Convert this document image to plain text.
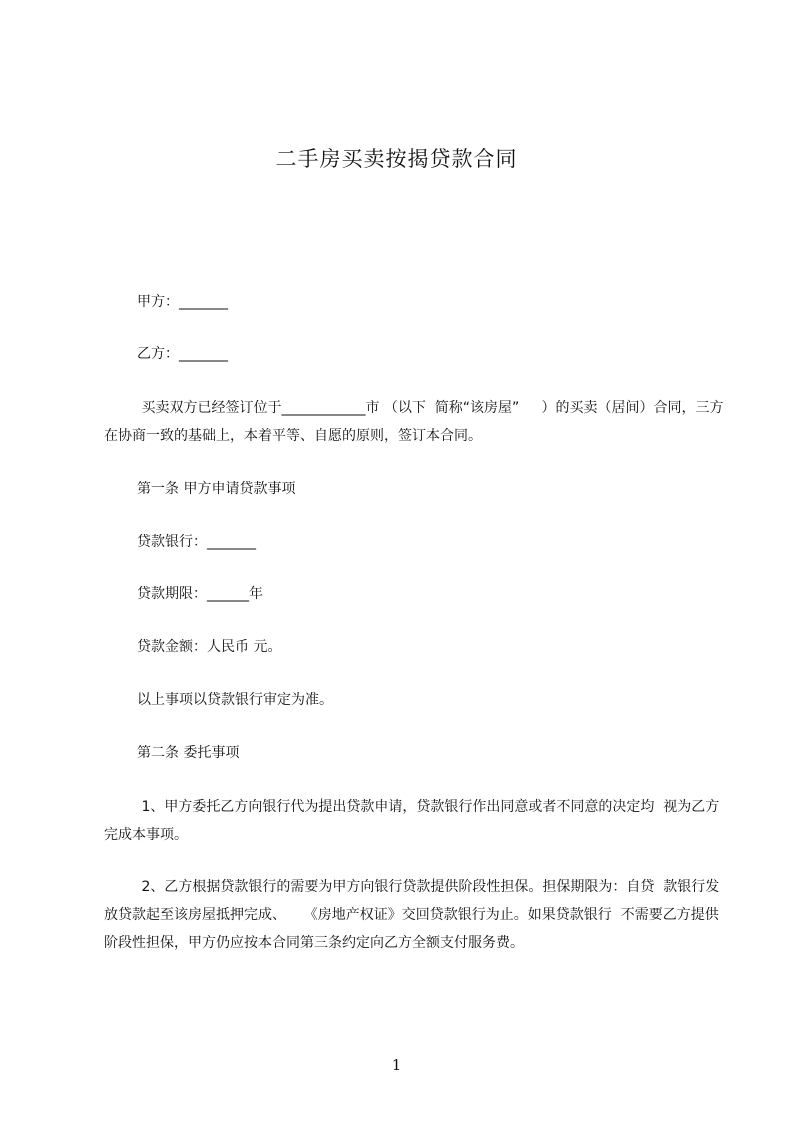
二手房买卖按揭贷款合同
甲方：_______
乙方：_______

买卖双方已经签订位于____________市 （以下  简称“该房屋”     ）的买卖（居间）合同，三方在协商一致的基础上，本着平等、自愿的原则，签订本合同。

第一条 甲方申请贷款事项
贷款银行：_______
贷款期限：______年
贷款金额：人民币 元。
以上事项以贷款银行审定为准。
第二条 委托事项

1、甲方委托乙方向银行代为提出贷款申请，贷款银行作出同意或者不同意的决定均  视为乙方完成本事项。

2、乙方根据贷款银行的需要为甲方向银行贷款提供阶段性担保。担保期限为：自贷  款银行发放贷款起至该房屋抵押完成、    《房地产权证》交回贷款银行为止。如果贷款银行  不需要乙方提供阶段性担保，甲方仍应按本合同第三条约定向乙方全额支付服务费。

1
